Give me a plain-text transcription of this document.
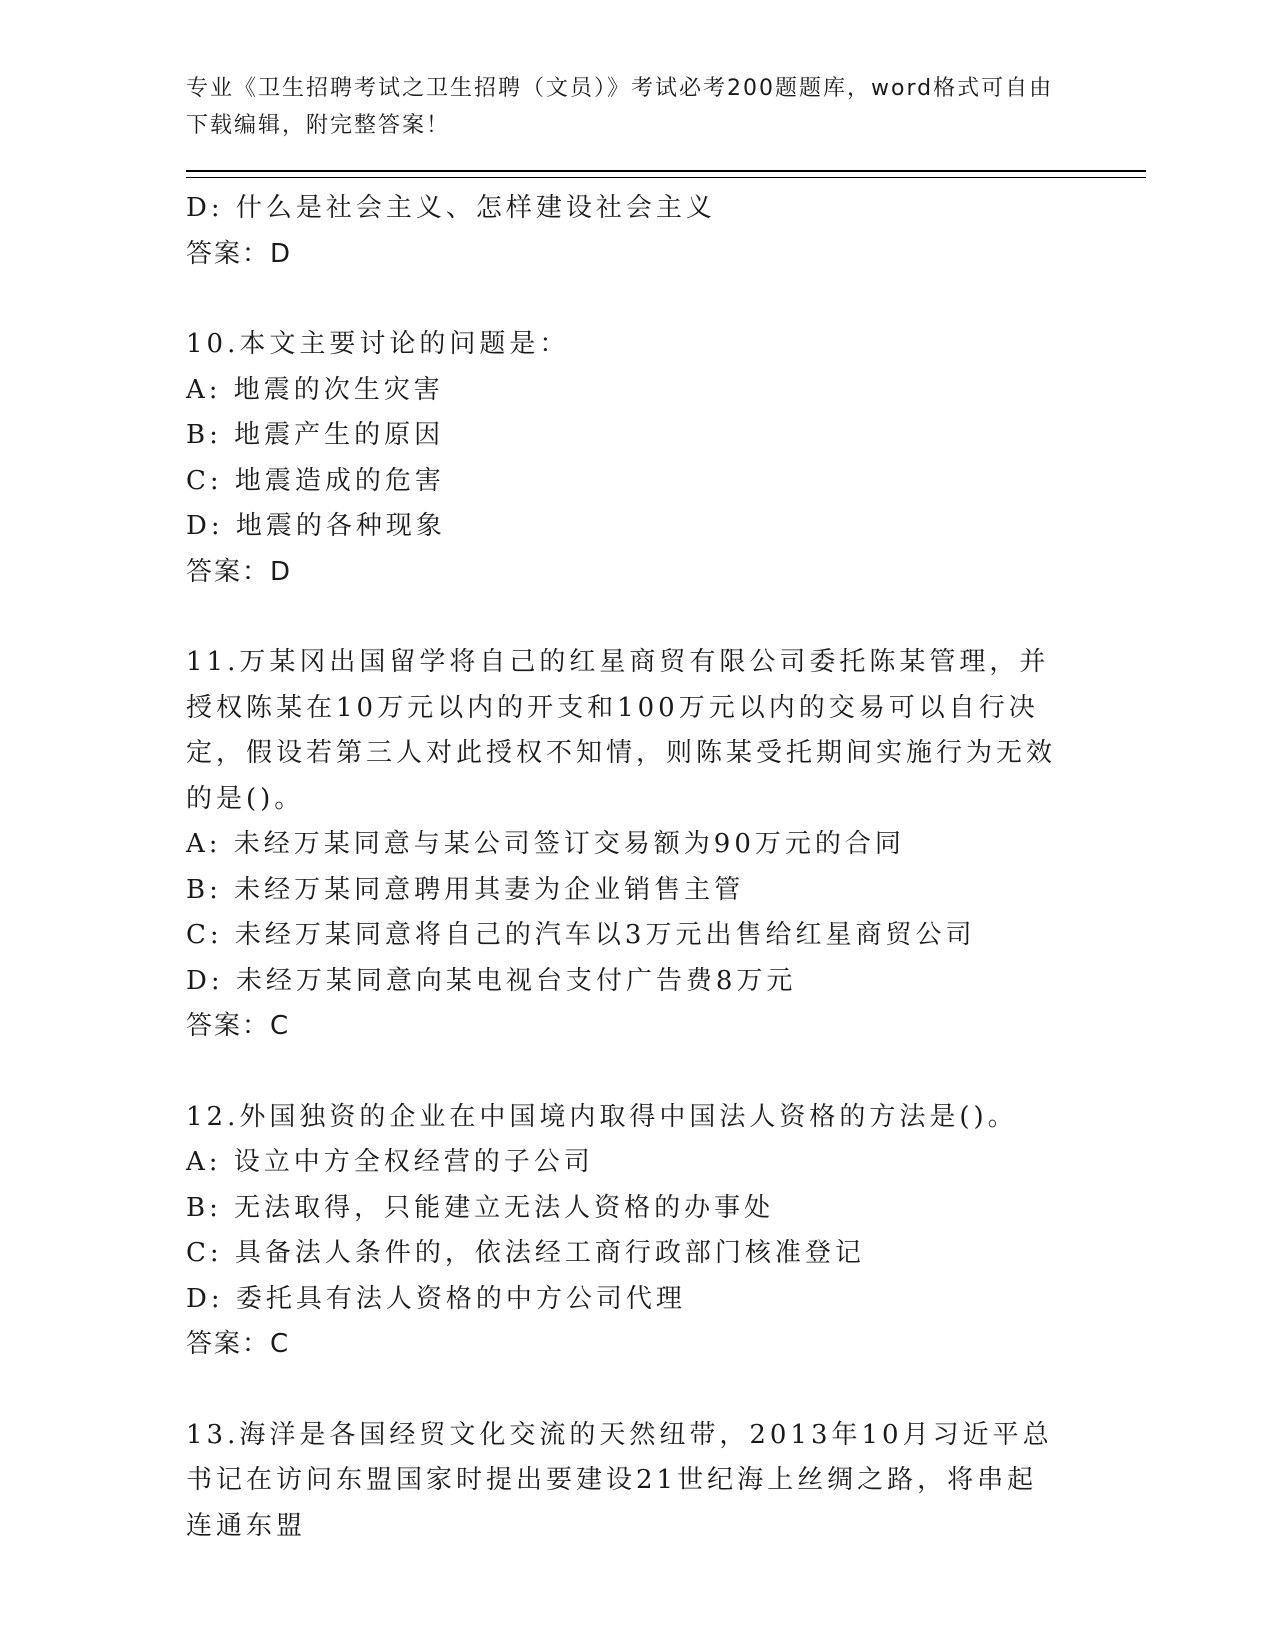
专业《卫生招聘考试之卫生招聘（文员）》考试必考200题题库，word格式可自由下载编辑，附完整答案！

D: 什么是社会主义、怎样建设社会主义

答案：D

10.本文主要讨论的问题是：

A: 地震的次生灾害

B: 地震产生的原因

C: 地震造成的危害

D: 地震的各种现象

答案：D

11.万某冈出国留学将自己的红星商贸有限公司委托陈某管理，并授权陈某在10万元以内的开支和100万元以内的交易可以自行决定，假设若第三人对此授权不知情，则陈某受托期间实施行为无效的是()。

A: 未经万某同意与某公司签订交易额为90万元的合同

B: 未经万某同意聘用其妻为企业销售主管

C: 未经万某同意将自己的汽车以3万元出售给红星商贸公司

D: 未经万某同意向某电视台支付广告费8万元

答案：C

12.外国独资的企业在中国境内取得中国法人资格的方法是()。

A: 设立中方全权经营的子公司

B: 无法取得，只能建立无法人资格的办事处

C: 具备法人条件的，依法经工商行政部门核准登记

D: 委托具有法人资格的中方公司代理

答案：C

13.海洋是各国经贸文化交流的天然纽带，2013年10月习近平总书记在访问东盟国家时提出要建设21世纪海上丝绸之路，将串起连通东盟
